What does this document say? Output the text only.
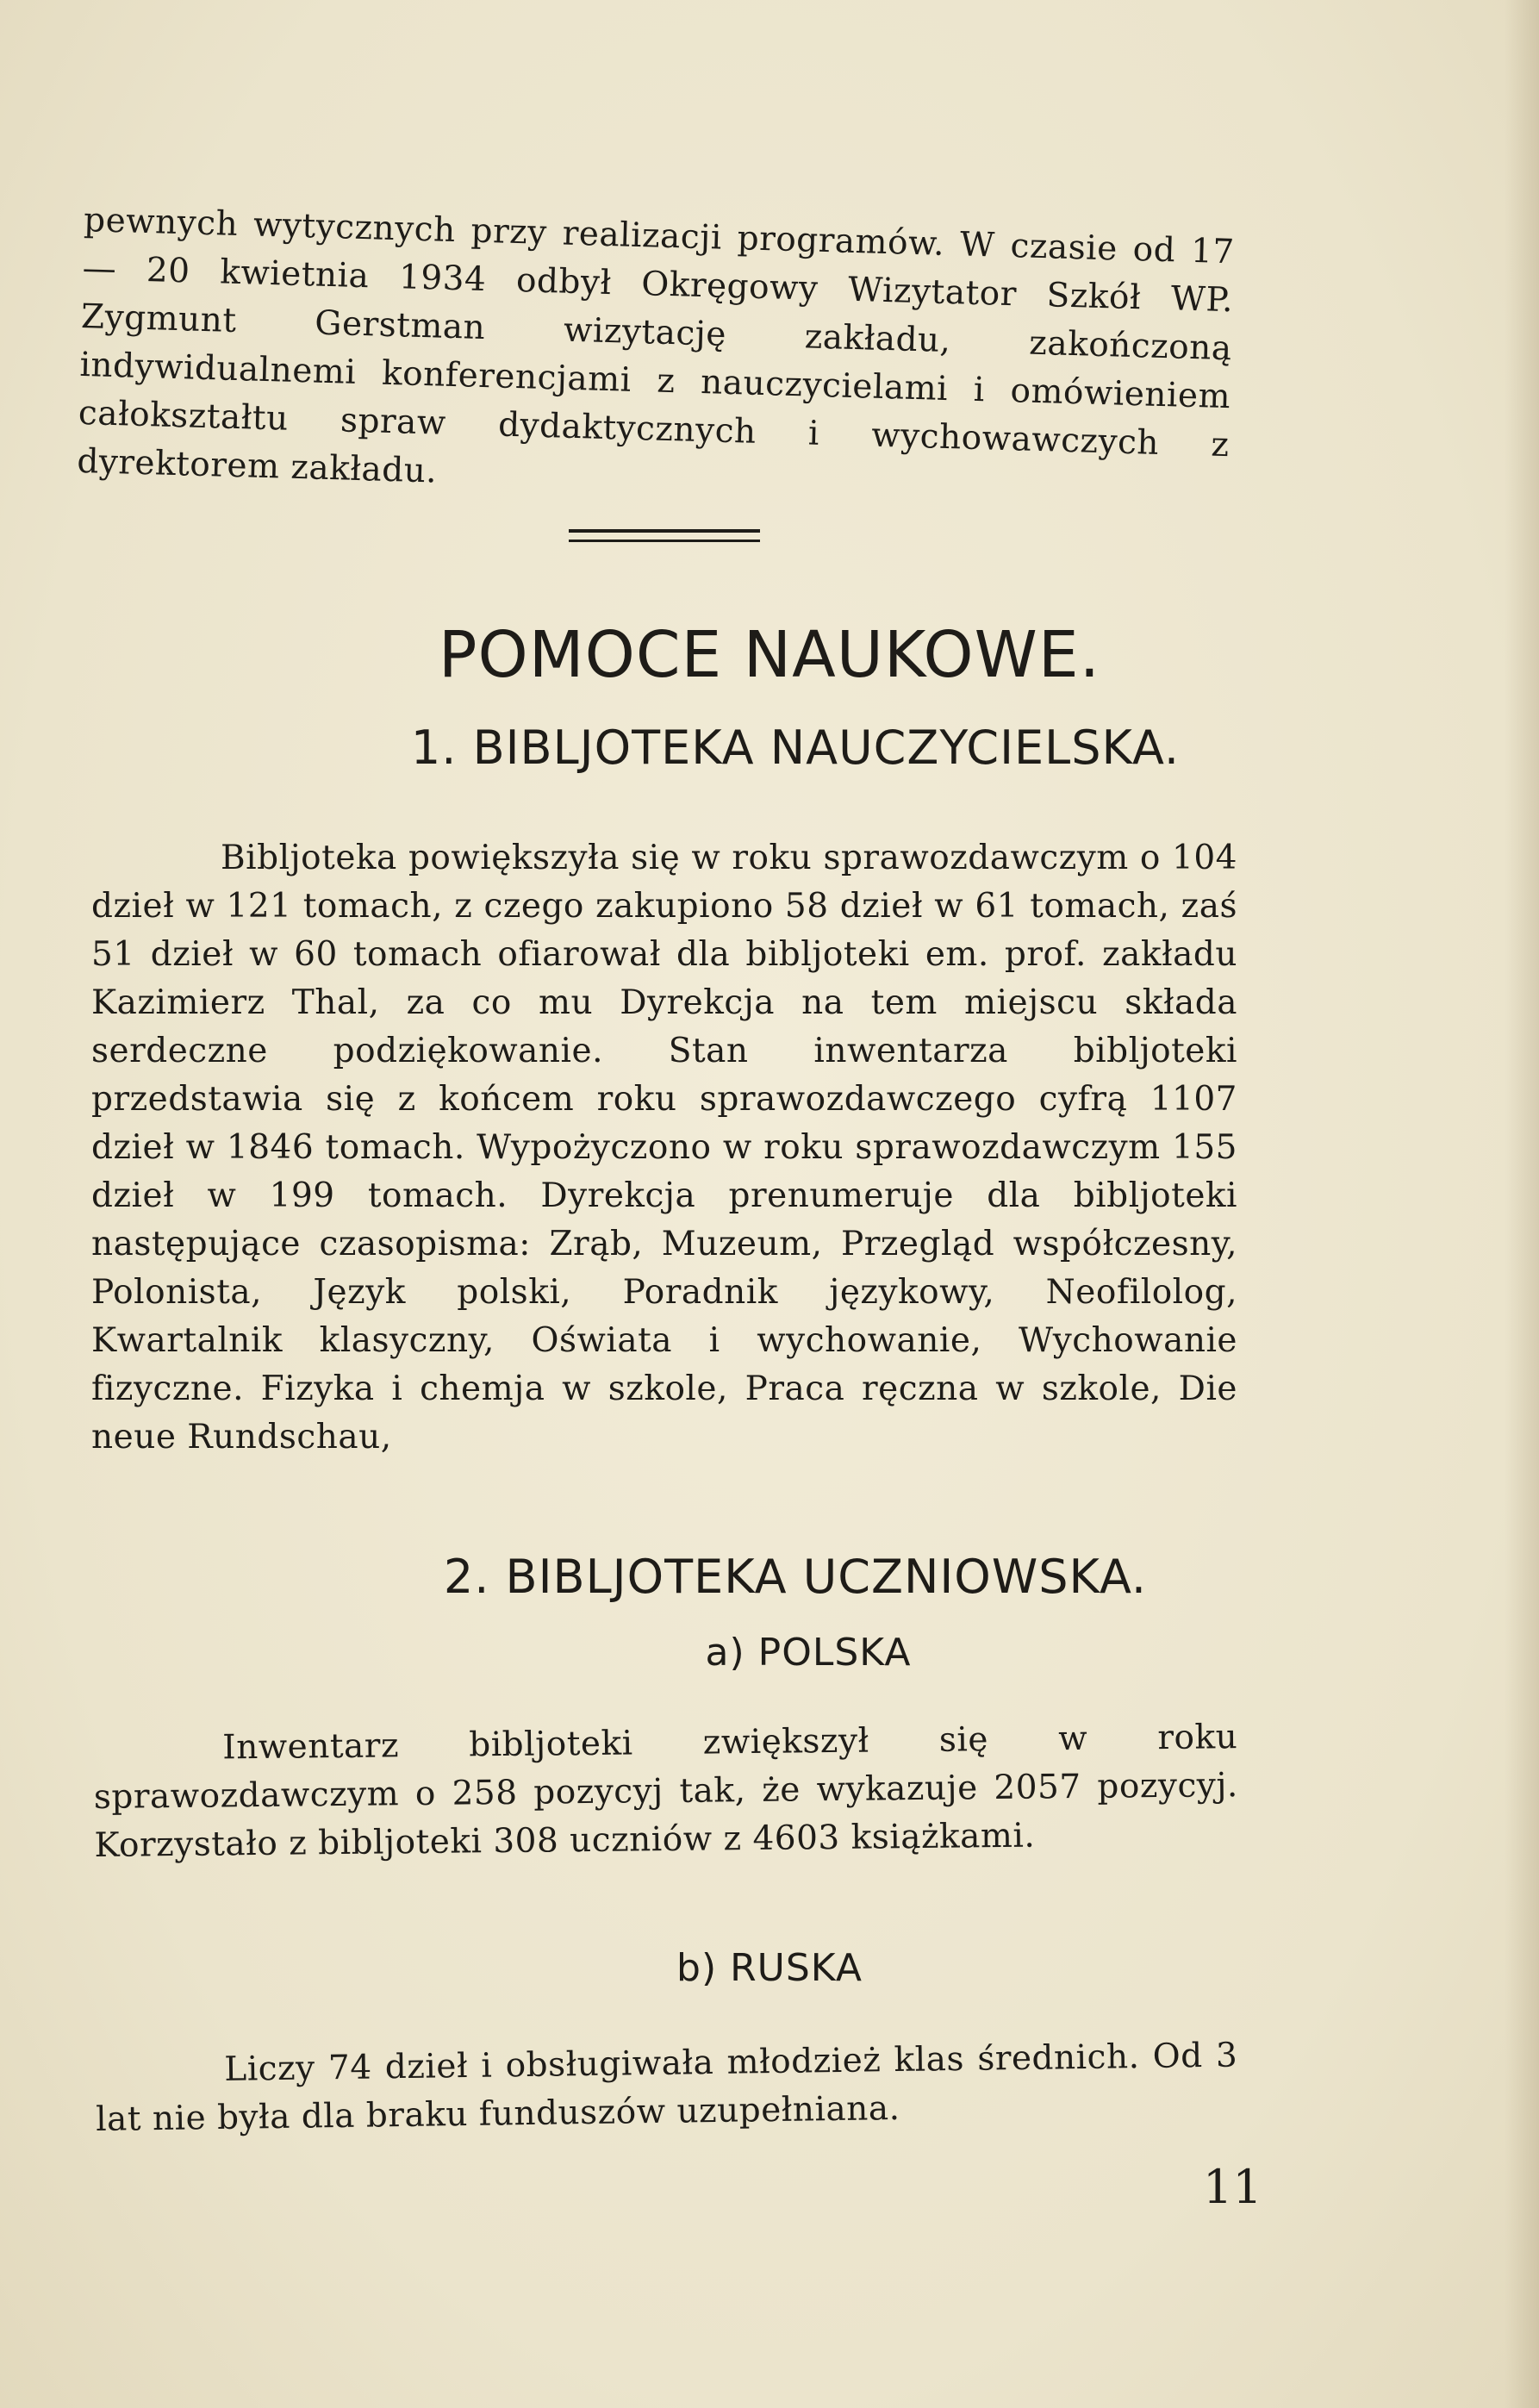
pewnych wytycznych przy realizacji programów. W czasie od 17 — 20 kwietnia 1934 odbył Okręgowy Wizytator Szkół WP. Zygmunt Gerstman wizytację zakładu, zakończoną indywidualnemi konferencjami z nauczycielami i omówieniem całokształtu spraw dydaktycznych i wychowawczych z dyrektorem zakładu.

POMOCE NAUKOWE.
1. BIBLJOTEKA NAUCZYCIELSKA.

Bibljoteka powiększyła się w roku sprawozdawczym o 104 dzieł w 121 tomach, z czego zakupiono 58 dzieł w 61 tomach, zaś 51 dzieł w 60 tomach ofiarował dla bibljoteki em. prof. zakładu Kazimierz Thal, za co mu Dyrekcja na tem miejscu składa serdeczne podziękowanie. Stan inwentarza bibljoteki przedstawia się z końcem roku sprawozdawczego cyfrą 1107 dzieł w 1846 tomach. Wypożyczono w roku sprawozdawczym 155 dzieł w 199 tomach. Dyrekcja prenumeruje dla bibljoteki następujące czasopisma: Zrąb, Muzeum, Przegląd współczesny, Polonista, Język polski, Poradnik językowy, Neofilolog, Kwartalnik klasyczny, Oświata i wychowanie, Wychowanie fizyczne. Fizyka i chemja w szkole, Praca ręczna w szkole, Die neue Rundschau,

2. BIBLJOTEKA UCZNIOWSKA.
a) POLSKA

Inwentarz bibljoteki zwiększył się w roku sprawozdawczym o 258 pozycyj tak, że wykazuje 2057 pozycyj. Korzystało z bibljoteki 308 uczniów z 4603 książkami.

b) RUSKA

Liczy 74 dzieł i obsługiwała młodzież klas średnich. Od 3 lat nie była dla braku funduszów uzupełniana.

11
